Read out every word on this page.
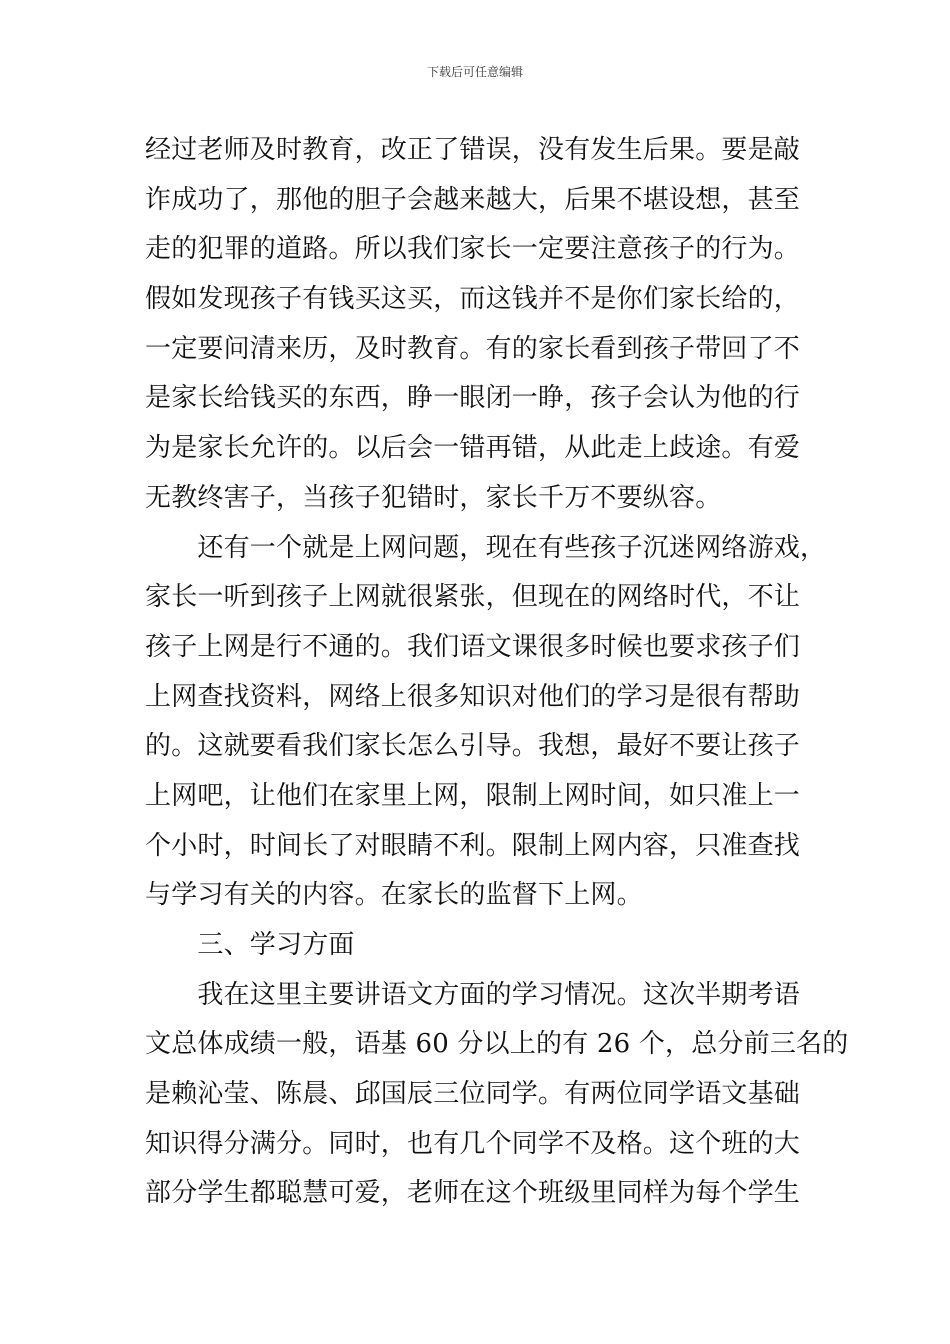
下载后可任意编辑
经过老师及时教育，改正了错误，没有发生后果。要是敲
诈成功了，那他的胆子会越来越大，后果不堪设想，甚至
走的犯罪的道路。所以我们家长一定要注意孩子的行为。
假如发现孩子有钱买这买，而这钱并不是你们家长给的，
一定要问清来历，及时教育。有的家长看到孩子带回了不
是家长给钱买的东西，睁一眼闭一睁，孩子会认为他的行
为是家长允许的。以后会一错再错，从此走上歧途。有爱
无教终害子，当孩子犯错时，家长千万不要纵容。
　　还有一个就是上网问题，现在有些孩子沉迷网络游戏，
家长一听到孩子上网就很紧张，但现在的网络时代，不让
孩子上网是行不通的。我们语文课很多时候也要求孩子们
上网查找资料，网络上很多知识对他们的学习是很有帮助
的。这就要看我们家长怎么引导。我想，最好不要让孩子
上网吧，让他们在家里上网，限制上网时间，如只准上一
个小时，时间长了对眼睛不利。限制上网内容，只准查找
与学习有关的内容。在家长的监督下上网。
　　三、学习方面
　　我在这里主要讲语文方面的学习情况。这次半期考语
文总体成绩一般，语基 60 分以上的有 26 个，总分前三名的
是赖沁莹、陈晨、邱国辰三位同学。有两位同学语文基础
知识得分满分。同时，也有几个同学不及格。这个班的大
部分学生都聪慧可爱，老师在这个班级里同样为每个学生
